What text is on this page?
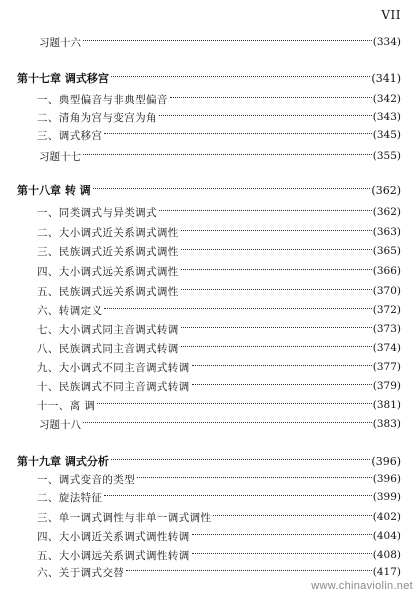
VII
习题十六	(334)
第十七章 调式移宫	(341)
一、典型偏音与非典型偏音	(342)
二、清角为宫与变宫为角	(343)
三、调式移宫	(345)
习题十七	(355)
第十八章 转 调	(362)
一、同类调式与异类调式	(362)
二、大小调式近关系调式调性	(363)
三、民族调式近关系调式调性	(365)
四、大小调式远关系调式调性	(366)
五、民族调式远关系调式调性	(370)
六、转调定义	(372)
七、大小调式同主音调式转调	(373)
八、民族调式同主音调式转调	(374)
九、大小调式不同主音调式转调	(377)
十、民族调式不同主音调式转调	(379)
十一、离 调	(381)
习题十八	(383)
第十九章 调式分析	(396)
一、调式变音的类型	(396)
二、旋法特征	(399)
三、单一调式调性与非单一调式调性	(402)
四、大小调近关系调式调性转调	(404)
五、大小调远关系调式调性转调	(408)
六、关于调式交替	(417)
www.chinaviolin.net
